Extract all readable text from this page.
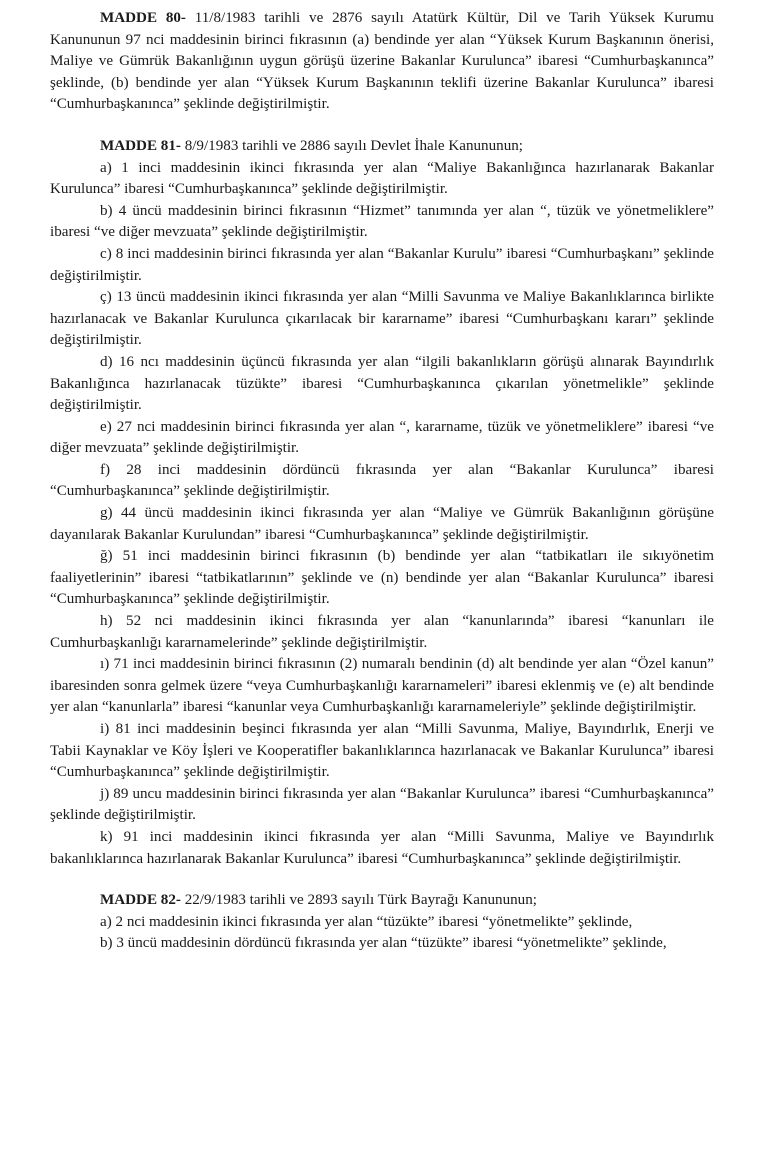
MADDE 80- 11/8/1983 tarihli ve 2876 sayılı Atatürk Kültür, Dil ve Tarih Yüksek Kurumu Kanununun 97 nci maddesinin birinci fıkrasının (a) bendinde yer alan “Yüksek Kurum Başkanının önerisi, Maliye ve Gümrük Bakanlığının uygun görüşü üzerine Bakanlar Kurulunca” ibaresi “Cumhurbaşkanınca” şeklinde, (b) bendinde yer alan “Yüksek Kurum Başkanının teklifi üzerine Bakanlar Kurulunca” ibaresi “Cumhurbaşkanınca” şeklinde değiştirilmiştir.

MADDE 81- 8/9/1983 tarihli ve 2886 sayılı Devlet İhale Kanununun;

a) 1 inci maddesinin ikinci fıkrasında yer alan “Maliye Bakanlığınca hazırlanarak Bakanlar Kurulunca” ibaresi “Cumhurbaşkanınca” şeklinde değiştirilmiştir.

b) 4 üncü maddesinin birinci fıkrasının “Hizmet” tanımında yer alan “, tüzük ve yönetmeliklere” ibaresi “ve diğer mevzuata” şeklinde değiştirilmiştir.

c) 8 inci maddesinin birinci fıkrasında yer alan “Bakanlar Kurulu” ibaresi “Cumhurbaşkanı” şeklinde değiştirilmiştir.

ç) 13 üncü maddesinin ikinci fıkrasında yer alan “Milli Savunma ve Maliye Bakanlıklarınca birlikte hazırlanacak ve Bakanlar Kurulunca çıkarılacak bir kararname” ibaresi “Cumhurbaşkanı kararı” şeklinde değiştirilmiştir.

d) 16 ncı maddesinin üçüncü fıkrasında yer alan “ilgili bakanlıkların görüşü alınarak Bayındırlık Bakanlığınca hazırlanacak tüzükte” ibaresi “Cumhurbaşkanınca çıkarılan yönetmelikle” şeklinde değiştirilmiştir.

e) 27 nci maddesinin birinci fıkrasında yer alan “, kararname, tüzük ve yönetmeliklere” ibaresi “ve diğer mevzuata” şeklinde değiştirilmiştir.

f) 28 inci maddesinin dördüncü fıkrasında yer alan “Bakanlar Kurulunca” ibaresi “Cumhurbaşkanınca” şeklinde değiştirilmiştir.

g) 44 üncü maddesinin ikinci fıkrasında yer alan “Maliye ve Gümrük Bakanlığının görüşüne dayanılarak Bakanlar Kurulundan” ibaresi “Cumhurbaşkanınca” şeklinde değiştirilmiştir.

ğ) 51 inci maddesinin birinci fıkrasının (b) bendinde yer alan “tatbikatları ile sıkıyönetim faaliyetlerinin” ibaresi “tatbikatlarının” şeklinde ve (n) bendinde yer alan “Bakanlar Kurulunca” ibaresi “Cumhurbaşkanınca” şeklinde değiştirilmiştir.

h) 52 nci maddesinin ikinci fıkrasında yer alan “kanunlarında” ibaresi “kanunları ile Cumhurbaşkanlığı kararnamelerinde” şeklinde değiştirilmiştir.

ı) 71 inci maddesinin birinci fıkrasının (2) numaralı bendinin (d) alt bendinde yer alan “Özel kanun” ibaresinden sonra gelmek üzere “veya Cumhurbaşkanlığı kararnameleri” ibaresi eklenmiş ve (e) alt bendinde yer alan “kanunlarla” ibaresi “kanunlar veya Cumhurbaşkanlığı kararnameleriyle” şeklinde değiştirilmiştir.

i) 81 inci maddesinin beşinci fıkrasında yer alan “Milli Savunma, Maliye, Bayındırlık, Enerji ve Tabii Kaynaklar ve Köy İşleri ve Kooperatifler bakanlıklarınca hazırlanacak ve Bakanlar Kurulunca” ibaresi “Cumhurbaşkanınca” şeklinde değiştirilmiştir.

j) 89 uncu maddesinin birinci fıkrasında yer alan “Bakanlar Kurulunca” ibaresi “Cumhurbaşkanınca” şeklinde değiştirilmiştir.

k) 91 inci maddesinin ikinci fıkrasında yer alan “Milli Savunma, Maliye ve Bayındırlık bakanlıklarınca hazırlanarak Bakanlar Kurulunca” ibaresi “Cumhurbaşkanınca” şeklinde değiştirilmiştir.

MADDE 82- 22/9/1983 tarihli ve 2893 sayılı Türk Bayrağı Kanununun;

a) 2 nci maddesinin ikinci fıkrasında yer alan “tüzükte” ibaresi “yönetmelikte” şeklinde,

b) 3 üncü maddesinin dördüncü fıkrasında yer alan “tüzükte” ibaresi “yönetmelikte” şeklinde,
